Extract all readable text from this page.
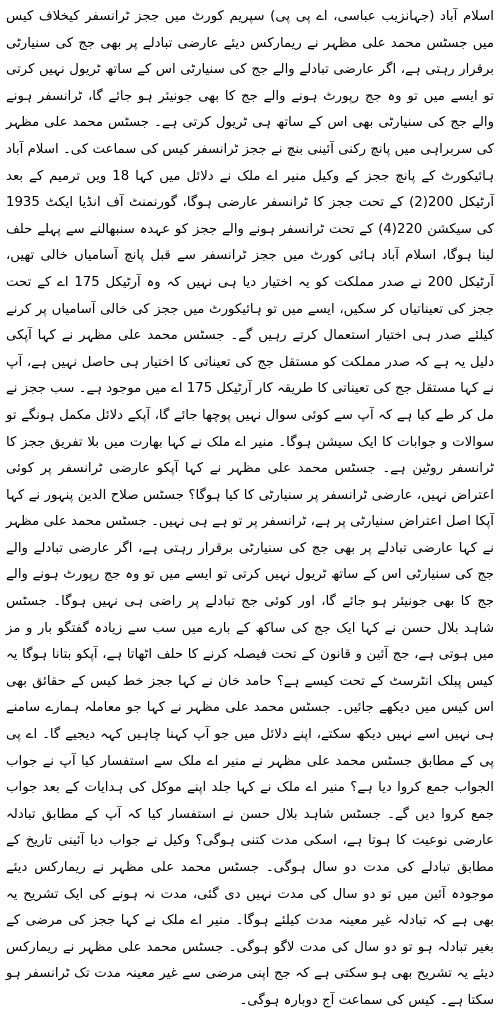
اسلام آباد (جہانزیب عباسی، اے پی پی) سپریم کورٹ میں ججز ٹرانسفر کیخلاف کیس میں جسٹس محمد علی مظہر نے ریمارکس دیئے عارضی تبادلے پر بھی جج کی سنیارٹی برقرار رہتی ہے، اگر عارضی تبادلے والے جج کی سنیارٹی اس کے ساتھ ٹریول نہیں کرتی تو ایسے میں تو وہ جج رپورٹ ہونے والے جج کا بھی جونیئر ہو جائے گا، ٹرانسفر ہونے والے جج کی سنیارٹی بھی اس کے ساتھ ہی ٹریول کرتی ہے۔ جسٹس محمد علی مظہر کی سربراہی میں پانچ رکنی آئینی بنچ نے ججز ٹرانسفر کیس کی سماعت کی۔ اسلام آباد ہائیکورٹ کے پانچ ججز کے وکیل منیر اے ملک نے دلائل میں کہا 18 ویں ترمیم کے بعد آرٹیکل 200(2) کے تحت ججز کا ٹرانسفر عارضی ہوگا، گورنمنٹ آف انڈیا ایکٹ 1935 کی سیکشن 220(4) کے تحت ٹرانسفر ہونے والے ججز کو عہدہ سنبھالنے سے پہلے حلف لینا ہوگا، اسلام آباد ہائی کورٹ میں ججز ٹرانسفر سے قبل پانچ آسامیاں خالی تھیں، آرٹیکل 200 نے صدر مملکت کو یہ اختیار دیا ہی نہیں کہ وہ آرٹیکل 175 اے کے تحت ججز کی تعیناتیاں کر سکیں، ایسے میں تو ہائیکورٹ میں ججز کی خالی آسامیاں پر کرنے کیلئے صدر ہی اختیار استعمال کرتے رہیں گے۔ جسٹس محمد علی مظہر نے کہا آپکی دلیل یہ ہے کہ صدر مملکت کو مستقل جج کی تعیناتی کا اختیار ہی حاصل نہیں ہے، آپ نے کہا مستقل جج کی تعیناتی کا طریقہ کار آرٹیکل 175 اے میں موجود ہے۔ سب ججز نے مل کر طے کیا ہے کہ آپ سے کوئی سوال نہیں پوچھا جائے گا، آپکے دلائل مکمل ہونگے تو سوالات و جوابات کا ایک سیشن ہوگا۔ منیر اے ملک نے کہا بھارت میں بلا تفریق ججز کا ٹرانسفر روٹین ہے۔ جسٹس محمد علی مظہر نے کہا آپکو عارضی ٹرانسفر پر کوئی اعتراض نہیں، عارضی ٹرانسفر پر سنیارٹی کا کیا ہوگا؟ جسٹس صلاح الدین پنہور نے کہا آپکا اصل اعتراض سنیارٹی پر ہے، ٹرانسفر پر تو ہے ہی نہیں۔ جسٹس محمد علی مظہر نے کہا عارضی تبادلے پر بھی جج کی سنیارٹی برقرار رہتی ہے، اگر عارضی تبادلے والے جج کی سنیارٹی اس کے ساتھ ٹریول نہیں کرتی تو ایسے میں تو وہ جج رپورٹ ہونے والے جج کا بھی جونیئر ہو جائے گا، اور کوئی جج تبادلے پر راضی ہی نہیں ہوگا۔ جسٹس شاہد بلال حسن نے کہا ایک جج کی ساکھ کے بارے میں سب سے زیادہ گفتگو بار و مز میں ہوتی ہے، جج آئین و قانون کے تحت فیصلہ کرنے کا حلف اٹھاتا ہے، آپکو بتانا ہوگا یہ کیس پبلک انٹرسٹ کے تحت کیسے ہے؟ حامد خان نے کہا ججز خط کیس کے حقائق بھی اس کیس میں دیکھے جائیں۔ جسٹس محمد علی مظہر نے کہا جو معاملہ ہمارے سامنے ہی نہیں اسے نہیں دیکھ سکتے، اپنے دلائل میں جو آپ کہنا چاہیں کہہ دیجیے گا۔ اے پی پی کے مطابق جسٹس محمد علی مظہر نے منیر اے ملک سے استفسار کیا آپ نے جواب الجواب جمع کروا دیا ہے؟ منیر اے ملک نے کہا جلد اپنے موکل کی ہدایات کے بعد جواب جمع کروا دیں گے۔ جسٹس شاہد بلال حسن نے استفسار کیا کہ آپ کے مطابق تبادلہ عارضی نوعیت کا ہوتا ہے، اسکی مدت کتنی ہوگی؟ وکیل نے جواب دیا آئینی تاریخ کے مطابق تبادلے کی مدت دو سال ہوگی۔ جسٹس محمد علی مظہر نے ریمارکس دیئے موجودہ آئین میں تو دو سال کی مدت نہیں دی گئی، مدت نہ ہونے کی ایک تشریح یہ بھی ہے کہ تبادلہ غیر معینہ مدت کیلئے ہوگا۔ منیر اے ملک نے کہا ججز کی مرضی کے بغیر تبادلہ ہو تو دو سال کی مدت لاگو ہوگی۔ جسٹس محمد علی مظہر نے ریمارکس دیئے یہ تشریح بھی ہو سکتی ہے کہ جج اپنی مرضی سے غیر معینہ مدت تک ٹرانسفر ہو سکتا ہے۔ کیس کی سماعت آج دوبارہ ہوگی۔
